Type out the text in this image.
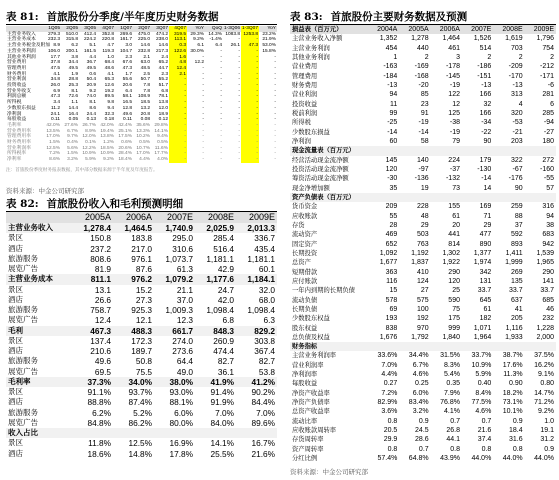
表 81: 首旅股份分季度/半年度历史财务数据
	1Q05	2Q05	3Q05	4Q07	1Q07	2Q07	3Q07	4Q07	YoY	QoQ	1-3Q06	1-3Q07	YoY
主营业务收入	279.3	510.0	412.4	352.8	269.6	475.0	474.2	319.5	29.3%	14.3%	1083.8	1253.8	23.2%
主营业务成本	232.3	315.8	224.2	220.8	161.7	225.0	238.0	113.1	9.2%	-1.4%	-	-	21.9%
主营业务税金及附加	8.9	6.2	5.1	4.7	3.0	14.6	14.6	0.3	6.1	6.4	26.1	47.3	53.0%
主营业务利润	106.0	200.1	161.5	119.3	104.7	232.8	217.3	122.6	30.0%	-	-	-	15.8%
其他业务利润	17.7	3.8	4.4	1.0	2.3	2.1	2.4	1.6	-	-	-	-	-
营业费用	37.8	34.4	36.7	68.4	67.6	63.0	65.2	4.8	12.2	-	-	-	-
管理费用	47.5	49.5	49.5	48.6	47.3	48.5	44.7	12.4	-	-	-	-	-
财务费用	4.1	1.9	0.6	4.1	1.7	2.5	2.3	2.1	-	-	-	-	-
营业利润	34.8	28.8	50.4	65.3	55.6	50.7	55.2	-	-	-	-	-	-
投资收益	26.0	25.3	20.9	12.6	20.6	7.8	51.7	-	-	-	-	-	-
营业外收支	6.9	8.1	9.2	19.2	6.4	7.8	6.8	-	-	-	-	-	-
利润总额	47.3	72.6	74.0	89.5	58.1	108.9	78.1	-	-	-	-	-	-
所得税	3.4	1.1	8.1	9.8	16.5	18.5	13.8	-	-	-	-	-	-
少数股东损益	11.2	14.4	8.6	9.4	12.8	13.2	12.0	-	-	-	-	-	-
净利润	24.1	16.4	24.4	32.3	49.6	20.8	18.9	-	-	-	-	-	-
每股收益	0.11	0.05	0.13	0.18	0.11	0.08	0.12	-	-	-	-	-	-
毛利率	42.0%	27.6%	26.7%	42.0%	42.4%	35.6%	29.8%	-	-	-	-	-	-
营业费用率	13.5%	6.7%	8.9%	19.4%	25.1%	13.3%	14.1%	-	-	-	-	-	-
管理费用率	17.0%	9.7%	12.0%	13.8%	17.5%	10.2%	9.4%	-	-	-	-	-	-
财务费用率	1.5%	0.4%	0.1%	1.2%	0.6%	0.5%	0.5%	-	-	-	-	-	-
营业利润率	12.5%	5.6%	12.2%	18.5%	20.6%	10.7%	11.6%	-	-	-	-	-	-
所得税率	7.2%	1.5%	10.9%	10.9%	28.4%	17.0%	17.7%	-	-	-	-	-	-
净利率	8.6%	3.2%	5.9%	9.2%	18.4%	4.4%	4.0%	-	-	-	-	-	-
注：首旅股份季度财务报表数据，其中部分数据来源于半年度及年度报告。
资料来源：中金公司研究部
表 82: 首旅股份收入和毛利预测明细
	2005A	2006A	2007E	2008E	2009E
主营业务收入	1,278.4	1,464.5	1,740.9	2,025.9	2,013.3
景区	150.8	183.8	295.0	285.4	336.7
酒店	237.2	217.0	310.6	516.4	435.4
旅游服务	808.6	976.1	1,073.7	1,181.1	1,181.1
展览广告	81.9	87.6	61.3	42.9	60.1
主营业务成本	811.1	976.2	1,079.2	1,177.6	1,184.1
景区	13.1	15.2	21.1	24.7	32.0
酒店	26.6	27.3	37.0	42.0	68.0
旅游服务	758.7	925.3	1,009.3	1,098.4	1,098.4
展览广告	12.4	12.1	12.3	6.8	6.3
毛利	467.3	488.3	661.7	848.3	829.2
景区	137.4	172.3	274.0	260.9	303.8
酒店	210.6	189.7	273.6	474.4	367.4
旅游服务	49.6	50.8	64.4	82.7	82.7
展览广告	69.5	75.5	49.0	36.1	53.8
毛利率	37.3%	34.0%	38.0%	41.9%	41.2%
景区	91.1%	93.7%	93.0%	91.4%	90.2%
酒店	88.8%	87.4%	88.1%	91.9%	84.4%
旅游服务	6.2%	5.2%	6.0%	7.0%	7.0%
展览广告	84.8%	86.2%	80.0%	84.0%	89.6%
收入占比					
景区	11.8%	12.5%	16.9%	14.1%	16.7%
酒店	18.6%	14.8%	17.8%	25.5%	21.6%
表 83: 首旅股份主要财务数据及预测
损益表（百万元）	2004A	2005A	2006A	2007E	2008E	2009E
主营业务收入净额	1,352	1,278	1,464	1,526	1,619	1,796
主营业务利润	454	440	461	514	703	754
其他业务利润	1	2	3	2	2	2
营业费用	-163	-169	-178	-186	-209	-212
管理费用	-184	-168	-145	-151	-170	-171
财务费用	-13	-20	-19	-13	-13	-6
营业利润	94	85	122	166	313	281
投资收益	11	23	12	32	4	6
税前利润	99	91	125	166	320	285
所得税	-25	-19	-38	-34	-53	-94
少数股东损益	-14	-14	-19	-22	-21	-27
净利润	60	58	79	90	203	180
现金流量表（百万元）						
经营活动现金流净额	145	140	224	179	322	272
投资活动现金流净额	120	-97	-37	-130	-67	-160
筹资活动现金流净额	-30	-136	-132	-14	-176	-55
现金净增加额	35	19	73	14	90	57
资产负债表（百万元）						
货币资金	209	228	155	169	259	316
应收账款	55	48	61	71	88	94
存货	28	29	20	29	37	38
流动资产	469	503	441	477	592	683
固定资产	652	763	814	890	893	942
长期投资	1,092	1,192	1,302	1,377	1,411	1,539
总资产	1,677	1,837	1,922	1,974	1,999	1,965
短期借款	363	410	290	342	269	290
应付账款	116	124	120	131	135	141
一年内到期的长期负债	15	27	25	33.7	33.7	33.7
流动负债	578	575	590	645	637	685
长期负债	69	100	75	61	41	46
少数股东权益	193	192	175	182	205	232
股东权益	838	970	999	1,071	1,116	1,228
总负债及权益	1,676	1,792	1,840	1,964	1,933	2,000
财务指标						
主营业务利润率	33.6%	34.4%	31.5%	33.7%	38.7%	37.5%
营业利润率	7.0%	6.7%	8.3%	10.9%	17.6%	16.2%
净利润率	4.4%	4.6%	5.4%	5.9%	11.3%	9.1%
每股收益	0.27	0.25	0.35	0.40	0.90	0.80
净资产收益率	7.2%	6.0%	7.9%	8.4%	18.2%	14.7%
净资产负债率	82.9%	83.4%	76.8%	77.5%	73.1%	71.2%
总资产收益率	3.6%	3.2%	4.1%	4.6%	10.1%	9.2%
流动比率	0.8	0.9	0.7	0.7	0.9	1.0
应收账款周转率	20.5	24.5	26.8	21.6	18.4	19.1
存货周转率	29.9	28.6	44.1	37.4	31.6	31.2
资产周转率	0.8	0.7	0.8	0.8	0.8	0.9
分红比例	57.4%	64.8%	43.9%	44.0%	44.0%	44.0%
资料来源：中金公司研究部
